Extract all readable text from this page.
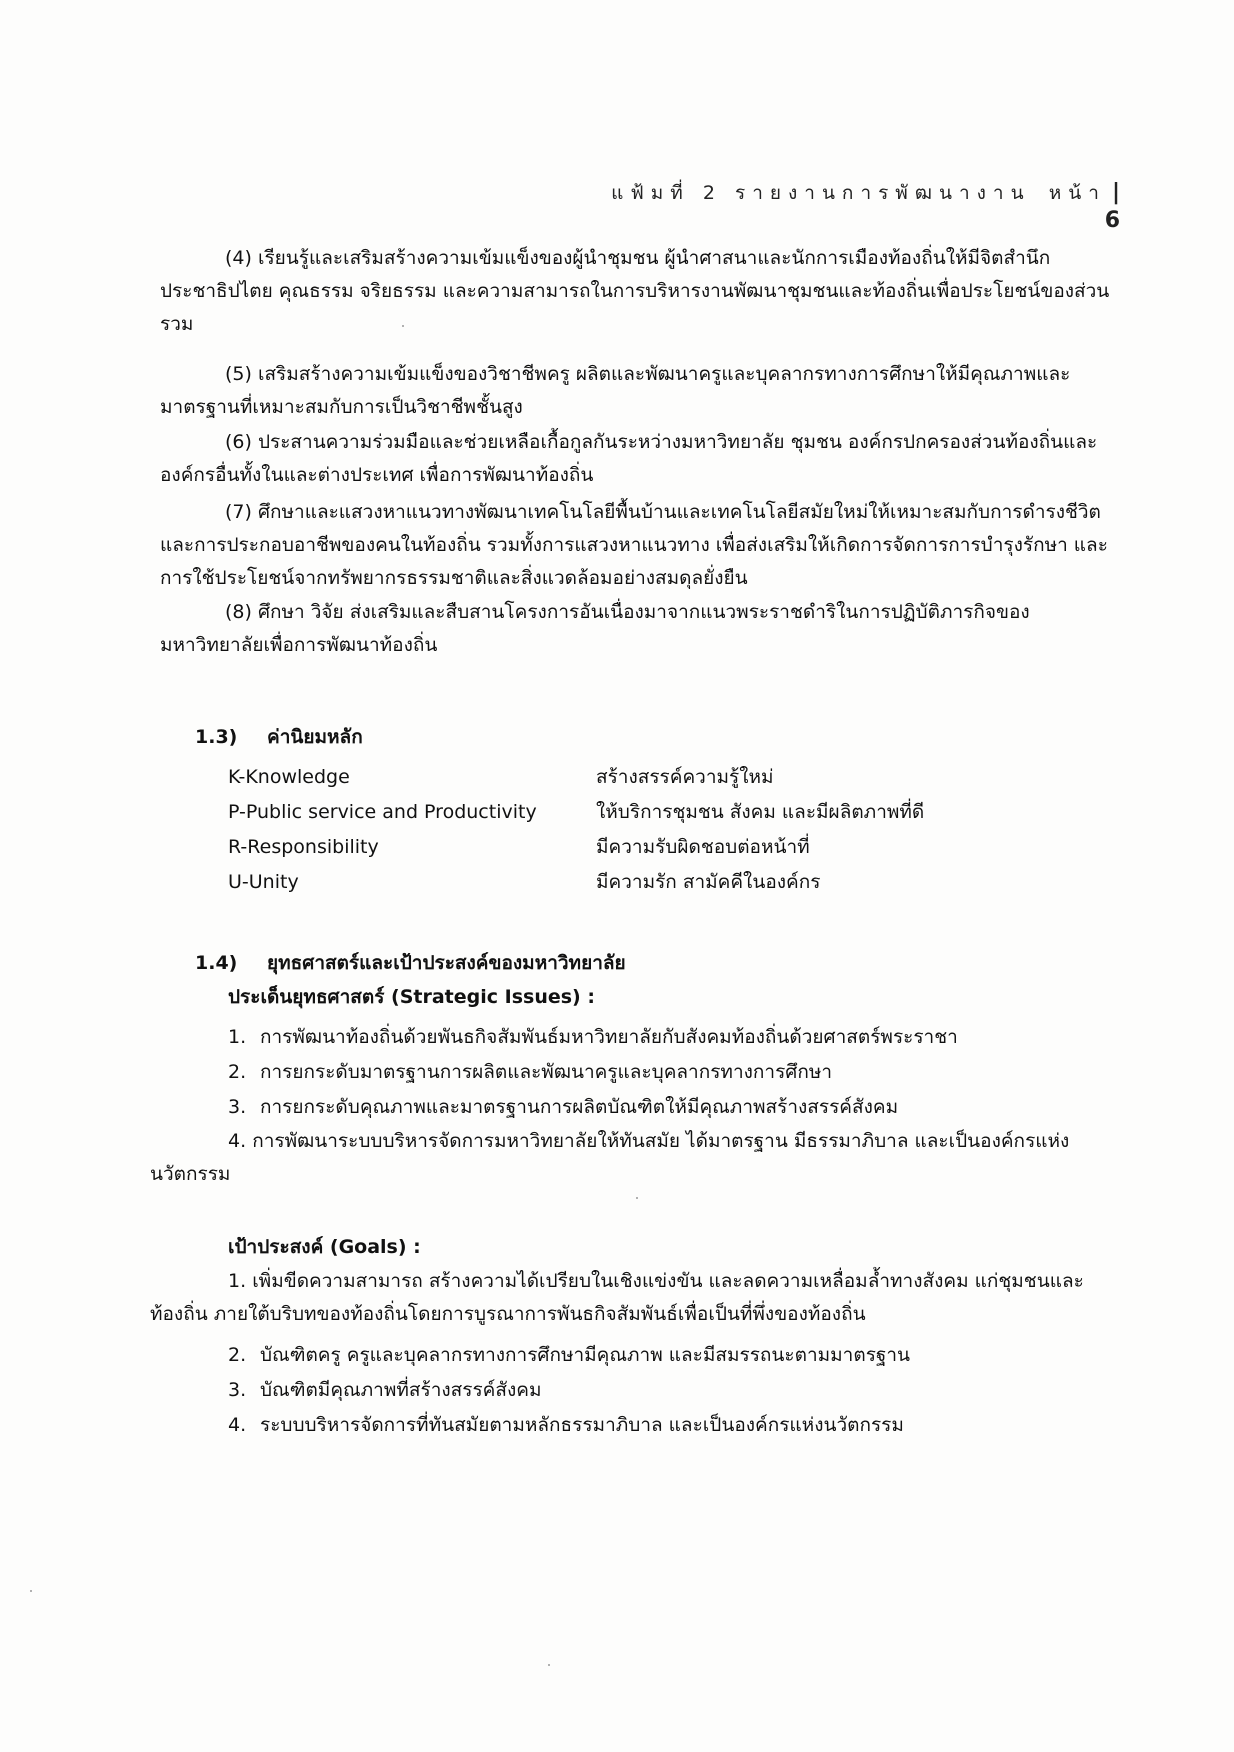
แฟ้มที่ 2 รายงานการพัฒนางาน หน้า | 6

(4) เรียนรู้และเสริมสร้างความเข้มแข็งของผู้นำชุมชน ผู้นำศาสนาและนักการเมืองท้องถิ่นให้มีจิตสำนึกประชาธิปไตย คุณธรรม จริยธรรม และความสามารถในการบริหารงานพัฒนาชุมชนและท้องถิ่นเพื่อประโยชน์ของส่วนรวม

(5) เสริมสร้างความเข้มแข็งของวิชาชีพครู ผลิตและพัฒนาครูและบุคลากรทางการศึกษาให้มีคุณภาพและมาตรฐานที่เหมาะสมกับการเป็นวิชาชีพชั้นสูง

(6) ประสานความร่วมมือและช่วยเหลือเกื้อกูลกันระหว่างมหาวิทยาลัย ชุมชน องค์กรปกครองส่วนท้องถิ่นและองค์กรอื่นทั้งในและต่างประเทศ เพื่อการพัฒนาท้องถิ่น

(7) ศึกษาและแสวงหาแนวทางพัฒนาเทคโนโลยีพื้นบ้านและเทคโนโลยีสมัยใหม่ให้เหมาะสมกับการดำรงชีวิตและการประกอบอาชีพของคนในท้องถิ่น รวมทั้งการแสวงหาแนวทาง เพื่อส่งเสริมให้เกิดการจัดการการบำรุงรักษา และการใช้ประโยชน์จากทรัพยากรธรรมชาติและสิ่งแวดล้อมอย่างสมดุลยั่งยืน

(8) ศึกษา วิจัย ส่งเสริมและสืบสานโครงการอันเนื่องมาจากแนวพระราชดำริในการปฏิบัติภารกิจของมหาวิทยาลัยเพื่อการพัฒนาท้องถิ่น

1.3) ค่านิยมหลัก
K-Knowledge	สร้างสรรค์ความรู้ใหม่
P-Public service and Productivity	ให้บริการชุมชน สังคม และมีผลิตภาพที่ดี
R-Responsibility	มีความรับผิดชอบต่อหน้าที่
U-Unity	มีความรัก สามัคคีในองค์กร
1.4) ยุทธศาสตร์และเป้าประสงค์ของมหาวิทยาลัย
ประเด็นยุทธศาสตร์ (Strategic Issues) :
1. การพัฒนาท้องถิ่นด้วยพันธกิจสัมพันธ์มหาวิทยาลัยกับสังคมท้องถิ่นด้วยศาสตร์พระราชา
2. การยกระดับมาตรฐานการผลิตและพัฒนาครูและบุคลากรทางการศึกษา
3. การยกระดับคุณภาพและมาตรฐานการผลิตบัณฑิตให้มีคุณภาพสร้างสรรค์สังคม
4. การพัฒนาระบบบริหารจัดการมหาวิทยาลัยให้ทันสมัย ได้มาตรฐาน มีธรรมาภิบาล และเป็นองค์กรแห่งนวัตกรรม
เป้าประสงค์ (Goals) :
1. เพิ่มขีดความสามารถ สร้างความได้เปรียบในเชิงแข่งขัน และลดความเหลื่อมล้ำทางสังคม แก่ชุมชนและท้องถิ่น ภายใต้บริบทของท้องถิ่นโดยการบูรณาการพันธกิจสัมพันธ์เพื่อเป็นที่พึ่งของท้องถิ่น
2. บัณฑิตครู ครูและบุคลากรทางการศึกษามีคุณภาพ และมีสมรรถนะตามมาตรฐาน
3. บัณฑิตมีคุณภาพที่สร้างสรรค์สังคม
4. ระบบบริหารจัดการที่ทันสมัยตามหลักธรรมาภิบาล และเป็นองค์กรแห่งนวัตกรรม
